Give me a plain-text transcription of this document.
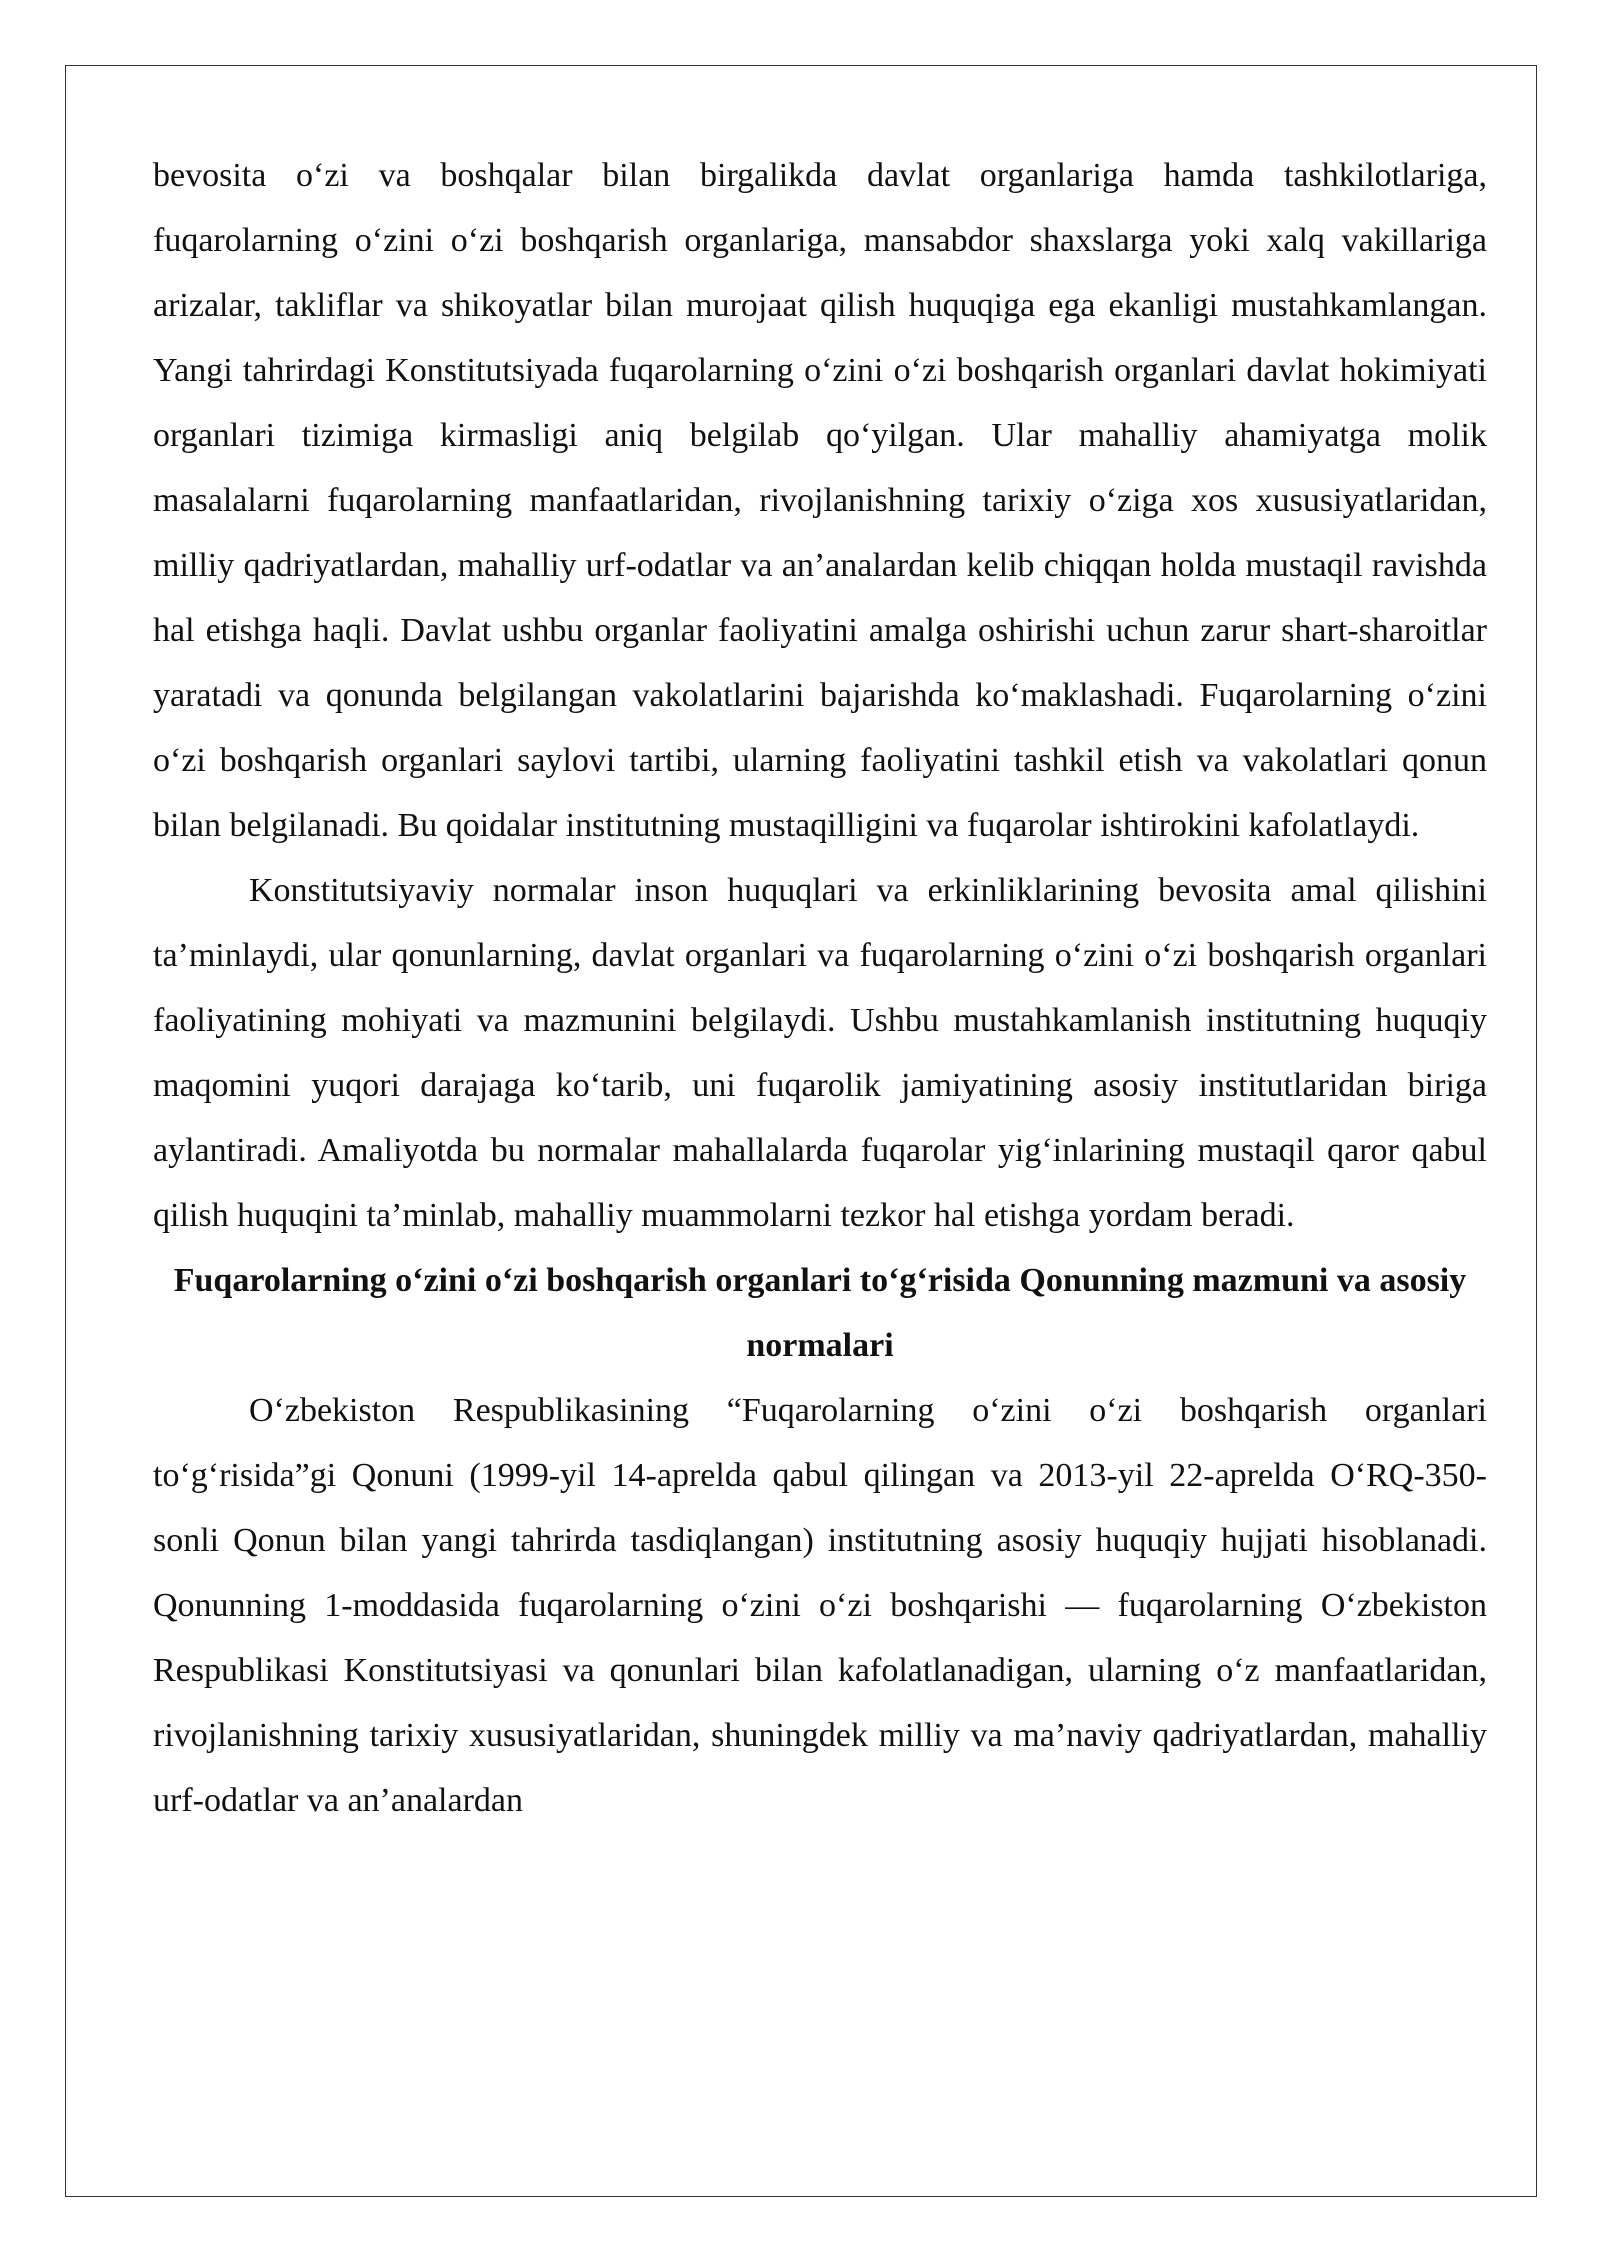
bevosita o‘zi va boshqalar bilan birgalikda davlat organlariga hamda tashkilotlariga, fuqarolarning o‘zini o‘zi boshqarish organlariga, mansabdor shaxslarga yoki xalq vakillariga arizalar, takliflar va shikoyatlar bilan murojaat qilish huquqiga ega ekanligi mustahkamlangan. Yangi tahrirdagi Konstitutsiyada fuqarolarning o‘zini o‘zi boshqarish organlari davlat hokimiyati organlari tizimiga kirmasligi aniq belgilab qo‘yilgan. Ular mahalliy ahamiyatga molik masalalarni fuqarolarning manfaatlaridan, rivojlanishning tarixiy o‘ziga xos xususiyatlaridan, milliy qadriyatlardan, mahalliy urf-odatlar va an’analardan kelib chiqqan holda mustaqil ravishda hal etishga haqli. Davlat ushbu organlar faoliyatini amalga oshirishi uchun zarur shart-sharoitlar yaratadi va qonunda belgilangan vakolatlarini bajarishda ko‘maklashadi. Fuqarolarning o‘zini o‘zi boshqarish organlari saylovi tartibi, ularning faoliyatini tashkil etish va vakolatlari qonun bilan belgilanadi. Bu qoidalar institutning mustaqilligini va fuqarolar ishtirokini kafolatlaydi.

Konstitutsiyaviy normalar inson huquqlari va erkinliklarining bevosita amal qilishini ta’minlaydi, ular qonunlarning, davlat organlari va fuqarolarning o‘zini o‘zi boshqarish organlari faoliyatining mohiyati va mazmunini belgilaydi. Ushbu mustahkamlanish institutning huquqiy maqomini yuqori darajaga ko‘tarib, uni fuqarolik jamiyatining asosiy institutlaridan biriga aylantiradi. Amaliyotda bu normalar mahallalarda fuqarolar yig‘inlarining mustaqil qaror qabul qilish huquqini ta’minlab, mahalliy muammolarni tezkor hal etishga yordam beradi.

Fuqarolarning o‘zini o‘zi boshqarish organlari to‘g‘risida Qonunning mazmuni va asosiy normalari

O‘zbekiston Respublikasining “Fuqarolarning o‘zini o‘zi boshqarish organlari to‘g‘risida”gi Qonuni (1999-yil 14-aprelda qabul qilingan va 2013-yil 22-aprelda O‘RQ-350-sonli Qonun bilan yangi tahrirda tasdiqlangan) institutning asosiy huquqiy hujjati hisoblanadi. Qonunning 1-moddasida fuqarolarning o‘zini o‘zi boshqarishi — fuqarolarning O‘zbekiston Respublikasi Konstitutsiyasi va qonunlari bilan kafolatlanadigan, ularning o‘z manfaatlaridan, rivojlanishning tarixiy xususiyatlaridan, shuningdek milliy va ma’naviy qadriyatlardan, mahalliy urf-odatlar va an’analardan
